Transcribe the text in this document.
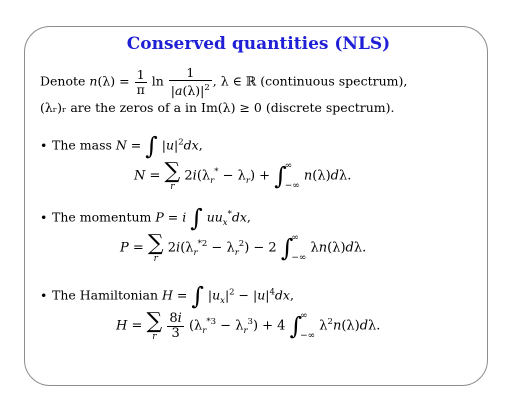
Conserved quantities (NLS)
Denote $n(\lambda) = \frac{1}{\pi}$ $\ln \frac{1}{|a(\lambda)|^2}$ , λ ∈ ℝ (continuous spectrum),
(λᵣ)ᵣ are the zeros of a in Im(λ) ≥ 0 (discrete spectrum).
• The mass N = ∫ $|u|^2dx$,
N = ∑
r
$2i(\lambda_r^* - \lambda_r)$ + ∫
∞
−∞
n(λ)dλ.
• The momentum P = i ∫ $uu_x^*dx$,
P = ∑
r
$2i(\lambda_r^{*2} - \lambda_r^2) - 2$ ∫
∞
−∞
λn(λ)dλ.
• The Hamiltonian H = ∫ $|u_x|^2 - |u|^4dx$,
H = ∑
r
$\frac{8i}{3} (\lambda_r^{*3} - \lambda_r^3) + 4$ ∫
∞
−∞
$\lambda^2n(\lambda)d\lambda$.
